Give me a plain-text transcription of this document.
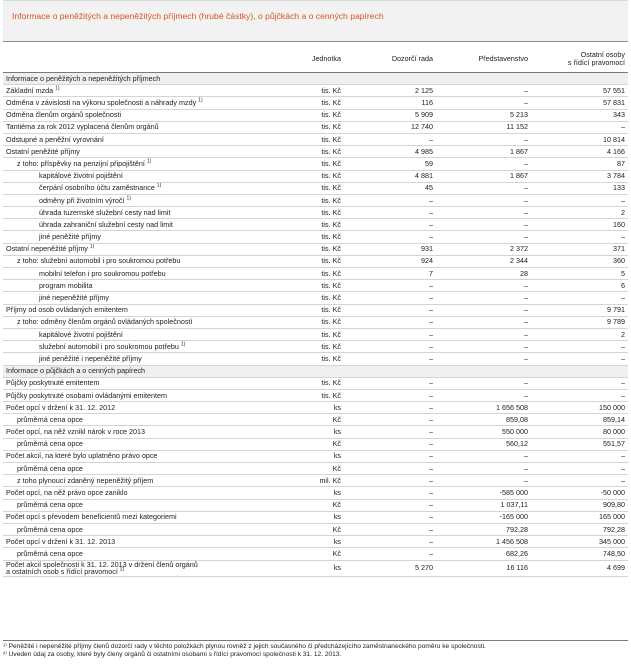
Informace o peněžitých a nepeněžitých příjmech (hrubé částky), o půjčkách a o cenných papírech
	Jednotka	Dozorčí rada	Představenstvo	Ostatní osoby
s řídící pravomocí

Informace o peněžitých a nepeněžitých příjmech				
Základní mzda $^{1)}$	tis. Kč	2 125	–	57 551
Odměna v závislosti na výkonu společnosti a náhrady mzdy $^{1)}$	tis. Kč	116	–	57 831
Odměna členům orgánů společnosti	tis. Kč	5 909	5 213	343
Tantiéma za rok 2012 vyplacená členům orgánů	tis. Kč	12 740	11 152	–
Odstupné a peněžní vyrovnání	tis. Kč	–	–	10 814
Ostatní peněžité příjmy	tis. Kč	4 985	1 867	4 166
z toho: příspěvky na penzijní připojištění $^{1)}$	tis. Kč	59	–	87
kapitálové životní pojištění	tis. Kč	4 881	1 867	3 784
čerpání osobního účtu zaměstnance $^{1)}$	tis. Kč	45	–	133
odměny při životním výročí $^{1)}$	tis. Kč	–	–	–
úhrada tuzemské služební cesty nad limit	tis. Kč	–	–	2
úhrada zahraniční služební cesty nad limit	tis. Kč	–	–	160
jiné peněžité příjmy	tis. Kč	–	–	–
Ostatní nepeněžité příjmy $^{1)}$	tis. Kč	931	2 372	371
z toho: služební automobil i pro soukromou potřebu	tis. Kč	924	2 344	360
mobilní telefon i pro soukromou potřebu	tis. Kč	7	28	5
program mobilita	tis. Kč	–	–	6
jiné nepeněžité příjmy	tis. Kč	–	–	–
Příjmy od osob ovládaných emitentem	tis. Kč	–	–	9 791
z toho: odměny členům orgánů ovládaných společností	tis. Kč	–	–	9 789
kapitálové životní pojištění	tis. Kč	–	–	2
služební automobil i pro soukromou potřebu $^{1)}$	tis. Kč	–	–	–
jiné peněžité i nepeněžité příjmy	tis. Kč	–	–	–
Informace o půjčkách a o cenných papírech				
Půjčky poskytnuté emitentem	tis. Kč	–	–	–
Půjčky poskytnuté osobami ovládanými emitentem	tis. Kč	–	–	–
Počet opcí v držení k 31. 12. 2012	ks	–	1 656 508	150 000
průměrná cena opce	Kč	–	859,08	859,14
Počet opcí, na něž vznikl nárok v roce 2013	ks	–	550 000	80 000
průměrná cena opce	Kč	–	560,12	551,57
Počet akcií, na které bylo uplatněno právo opce	ks	–	–	–
průměrná cena opce	Kč	–	–	–
z toho plynoucí zdaněný nepeněžitý příjem	mil. Kč	–	–	–
Počet opcí, na něž právo opce zaniklo	ks	–	-585 000	-50 000
průměrná cena opce	Kč	–	1 037,11	909,80
Počet opcí s převodem beneficientů mezi kategoriemi	ks	–	-165 000	165 000
průměrná cena opce	Kč	–	792,28	792,28
Počet opcí v držení k 31. 12. 2013	ks	–	1 456 508	345 000
průměrná cena opce	Kč	–	682,26	748,50
Počet akcií společnosti k 31. 12. 2013 v držení členů orgánů
a ostatních osob s řídící pravomocí $^{2)}$	ks	5 270	16 116	4 699
¹⁾ Peněžité i nepeněžité příjmy členů dozorčí rady v těchto položkách plynou rovněž z jejich současného či předcházejícího zaměstnaneckého poměru ke společnosti.
²⁾ Uveden údaj za osoby, které byly členy orgánů či ostatními osobami s řídící pravomocí společnosti k 31. 12. 2013.
